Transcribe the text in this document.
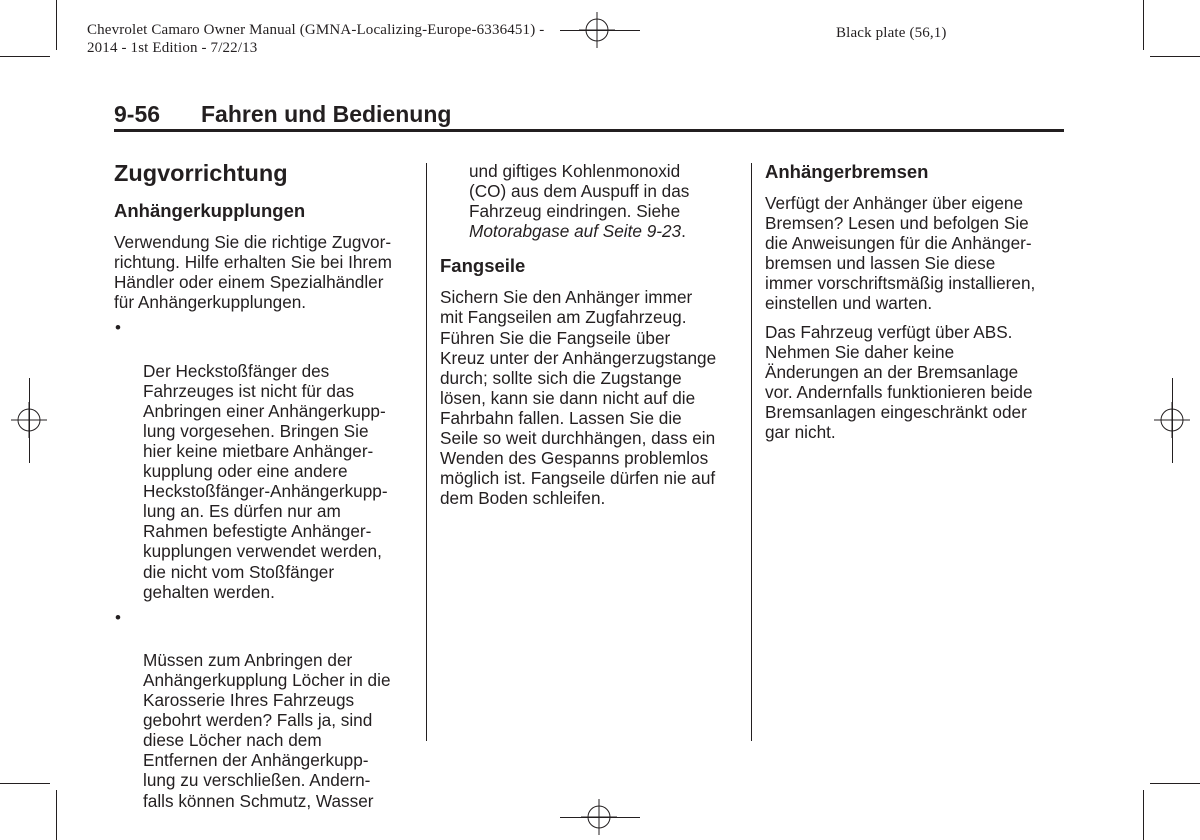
Chevrolet Camaro Owner Manual (GMNA-Localizing-Europe-6336451) -
2014 - 1st Edition - 7/22/13
Black plate (56,1)
9-56 Fahren und Bedienung
Zugvorrichtung
Anhängerkupplungen

Verwendung Sie die richtige Zugvor-
richtung. Hilfe erhalten Sie bei Ihrem
Händler oder einem Spezialhändler
für Anhängerkupplungen.

•

Der Heckstoßfänger des
Fahrzeuges ist nicht für das
Anbringen einer Anhängerkupp-
lung vorgesehen. Bringen Sie
hier keine mietbare Anhänger-
kupplung oder eine andere
Heckstoßfänger-Anhängerkupp-
lung an. Es dürfen nur am
Rahmen befestigte Anhänger-
kupplungen verwendet werden,
die nicht vom Stoßfänger
gehalten werden.

•

Müssen zum Anbringen der
Anhängerkupplung Löcher in die
Karosserie Ihres Fahrzeugs
gebohrt werden? Falls ja, sind
diese Löcher nach dem
Entfernen der Anhängerkupp-
lung zu verschließen. Andern-
falls können Schmutz, Wasser

und giftiges Kohlenmonoxid
(CO) aus dem Auspuff in das
Fahrzeug eindringen. Siehe
Motorabgase auf Seite 9-23.

Fangseile

Sichern Sie den Anhänger immer
mit Fangseilen am Zugfahrzeug.
Führen Sie die Fangseile über
Kreuz unter der Anhängerzugstange
durch; sollte sich die Zugstange
lösen, kann sie dann nicht auf die
Fahrbahn fallen. Lassen Sie die
Seile so weit durchhängen, dass ein
Wenden des Gespanns problemlos
möglich ist. Fangseile dürfen nie auf
dem Boden schleifen.

Anhängerbremsen

Verfügt der Anhänger über eigene
Bremsen? Lesen und befolgen Sie
die Anweisungen für die Anhänger-
bremsen und lassen Sie diese
immer vorschriftsmäßig installieren,
einstellen und warten.

Das Fahrzeug verfügt über ABS.
Nehmen Sie daher keine
Änderungen an der Bremsanlage
vor. Andernfalls funktionieren beide
Bremsanlagen eingeschränkt oder
gar nicht.
